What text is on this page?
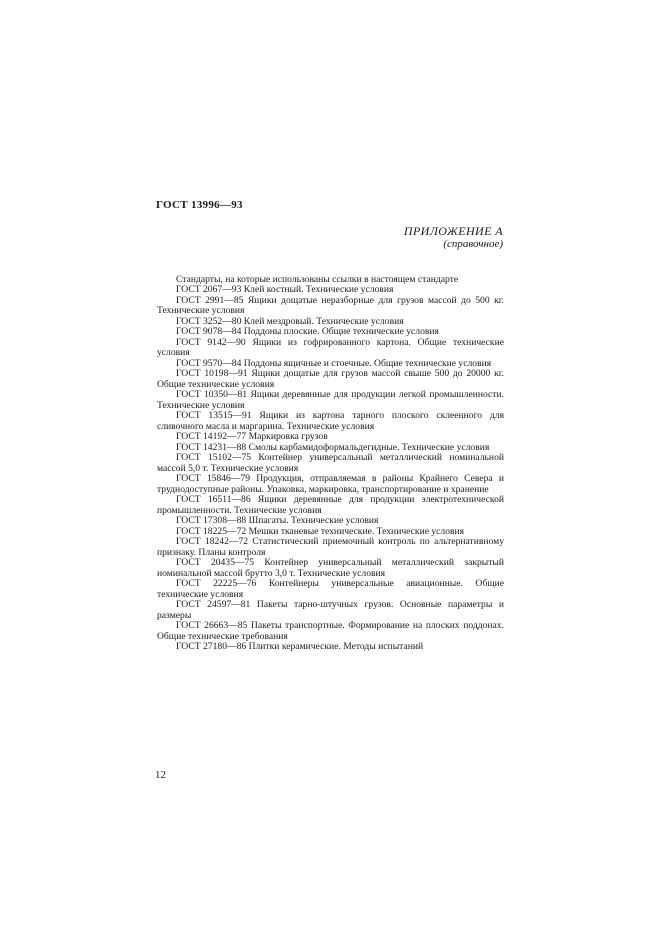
ГОСТ 13996—93
ПРИЛОЖЕНИЕ А
(справочное)
Стандарты, на которые использованы ссылки в настоящем стандарте

ГОСТ 2067—93 Клей костный. Технические условия

ГОСТ 2991—85 Ящики дощатые неразборные для грузов массой до 500 кг. Технические условия

ГОСТ 3252—80 Клей мездровый. Технические условия

ГОСТ 9078—84 Поддоны плоские. Общие технические условия

ГОСТ 9142—90 Ящики из гофрированного картона. Общие технические условия

ГОСТ 9570—84 Поддоны ящичные и стоечные. Общие технические условия

ГОСТ 10198—91 Ящики дощатые для грузов массой свыше 500 до 20000 кг. Общие технические условия

ГОСТ 10350—81 Ящики деревянные для продукции легкой промышленности. Технические условия

ГОСТ 13515—91 Ящики из картона тарного плоского склеенного для сливочного масла и маргарина. Технические условия

ГОСТ 14192—77 Маркировка грузов

ГОСТ 14231—88 Смолы карбамидоформальдегидные. Технические условия

ГОСТ 15102—75 Контейнер универсальный металлический номинальной массой 5,0 т. Технические условия

ГОСТ 15846—79 Продукция, отправляемая в районы Крайнего Севера и труднодоступные районы. Упаковка, маркировка, транспортирование и хранение

ГОСТ 16511—86 Ящики деревянные для продукции электротехнической промышленности. Технические условия

ГОСТ 17308—88 Шпагаты. Технические условия

ГОСТ 18225—72 Мешки тканевые технические. Технические условия

ГОСТ 18242—72 Статистический приемочный контроль по альтернативному признаку. Планы контроля

ГОСТ 20435—75 Контейнер универсальный металлический закрытый номинальной массой брутто 3,0 т. Технические условия

ГОСТ 22225—76 Контейнеры универсальные авиационные. Общие технические условия

ГОСТ 24597—81 Пакеты тарно-штучных грузов. Основные параметры и размеры

ГОСТ 26663—85 Пакеты транспортные. Формирование на плоских поддонах. Общие технические требования

ГОСТ 27180—86 Плитки керамические. Методы испытаний

12
